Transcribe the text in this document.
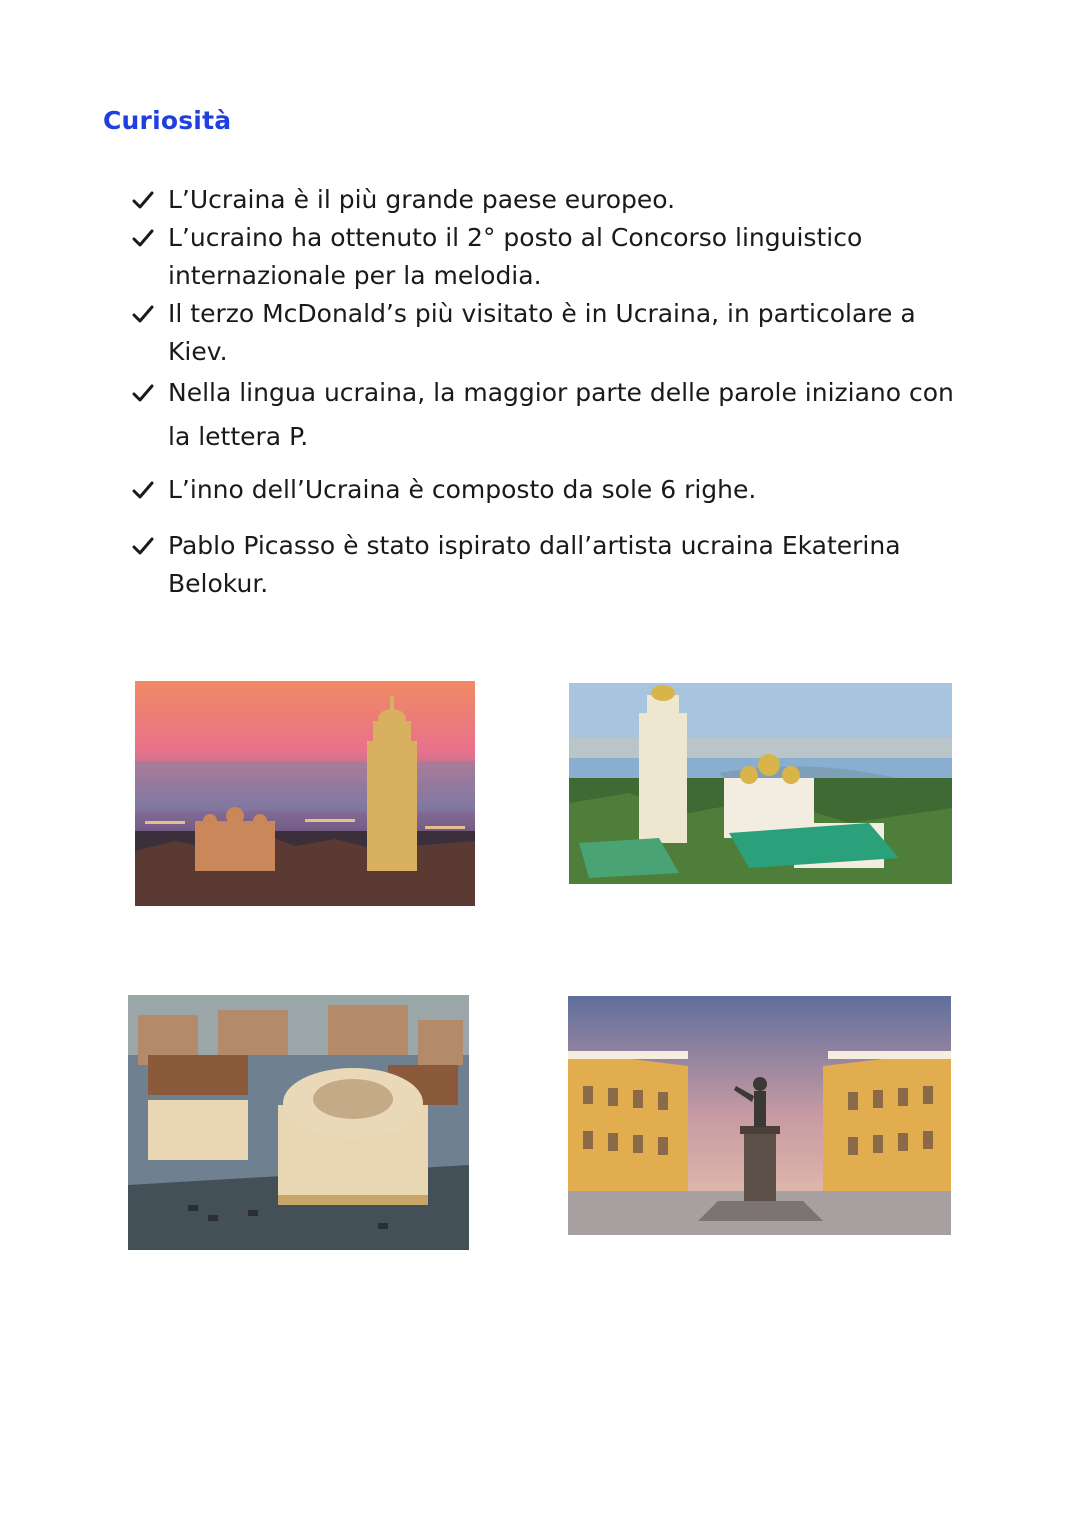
Curiosità
L’Ucraina è il più grande paese europeo.
L’ucraino ha ottenuto il 2° posto al Concorso linguistico internazionale per la melodia.
Il terzo McDonald’s più visitato è in Ucraina, in particolare a Kiev.
Nella lingua ucraina, la maggior parte delle parole iniziano con la lettera P.
L’inno dell’Ucraina è composto da sole 6 righe.
Pablo Picasso è stato ispirato dall’artista ucraina Ekaterina Belokur.
